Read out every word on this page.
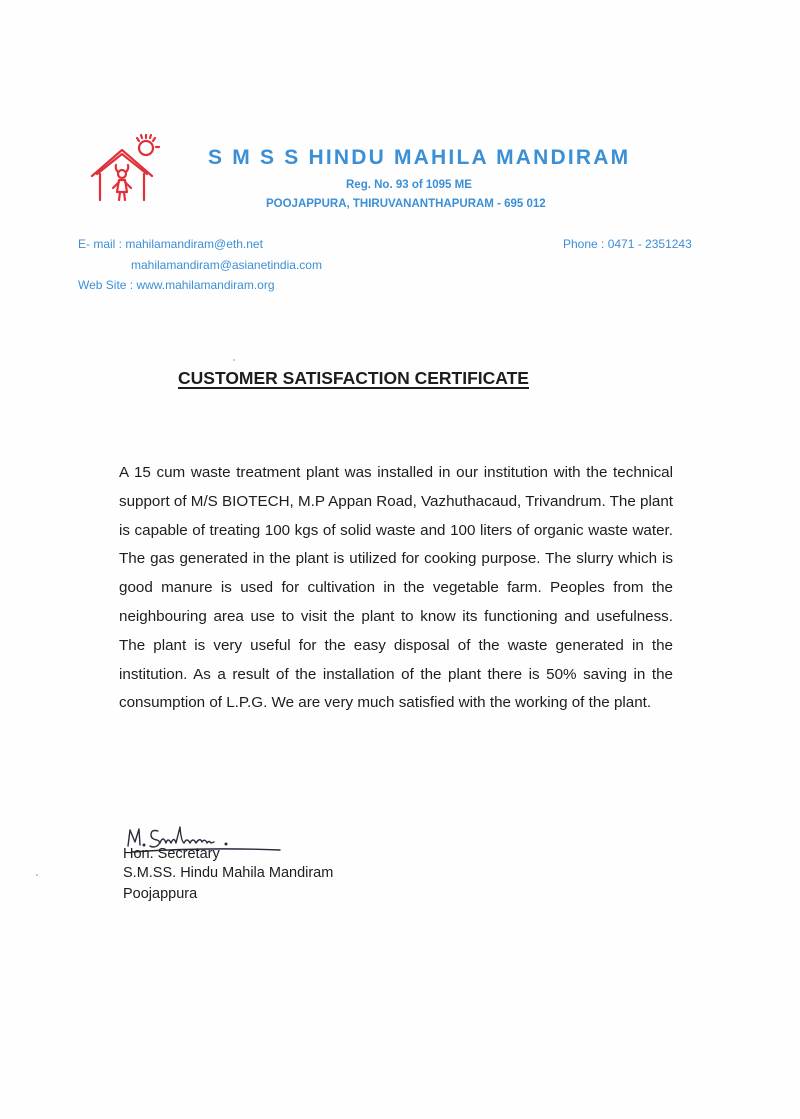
S M S S HINDU MAHILA MANDIRAM
Reg. No. 93 of 1095 ME
POOJAPPURA, THIRUVANANTHAPURAM - 695 012
E- mail : mahilamandiram@eth.net
mahilamandiram@asianetindia.com
Web Site : www.mahilamandiram.org
Phone : 0471 - 2351243
CUSTOMER SATISFACTION CERTIFICATE
A 15 cum waste treatment plant was installed in our institution with the technical support of M/S BIOTECH, M.P Appan Road, Vazhuthacaud, Trivandrum. The plant is capable of treating 100 kgs of solid waste and 100 liters of organic waste water. The gas generated in the plant is utilized for cooking purpose. The slurry which is good manure is used for cultivation in the vegetable farm. Peoples from the neighbouring area use to visit the plant to know its functioning and usefulness. The plant is very useful for the easy disposal of the waste generated in the institution. As a result of the installation of the plant there is 50% saving in the consumption of L.P.G. We are very much satisfied with the working of the plant.
Hon. Secretary
S.M.SS. Hindu Mahila Mandiram
Poojappura
